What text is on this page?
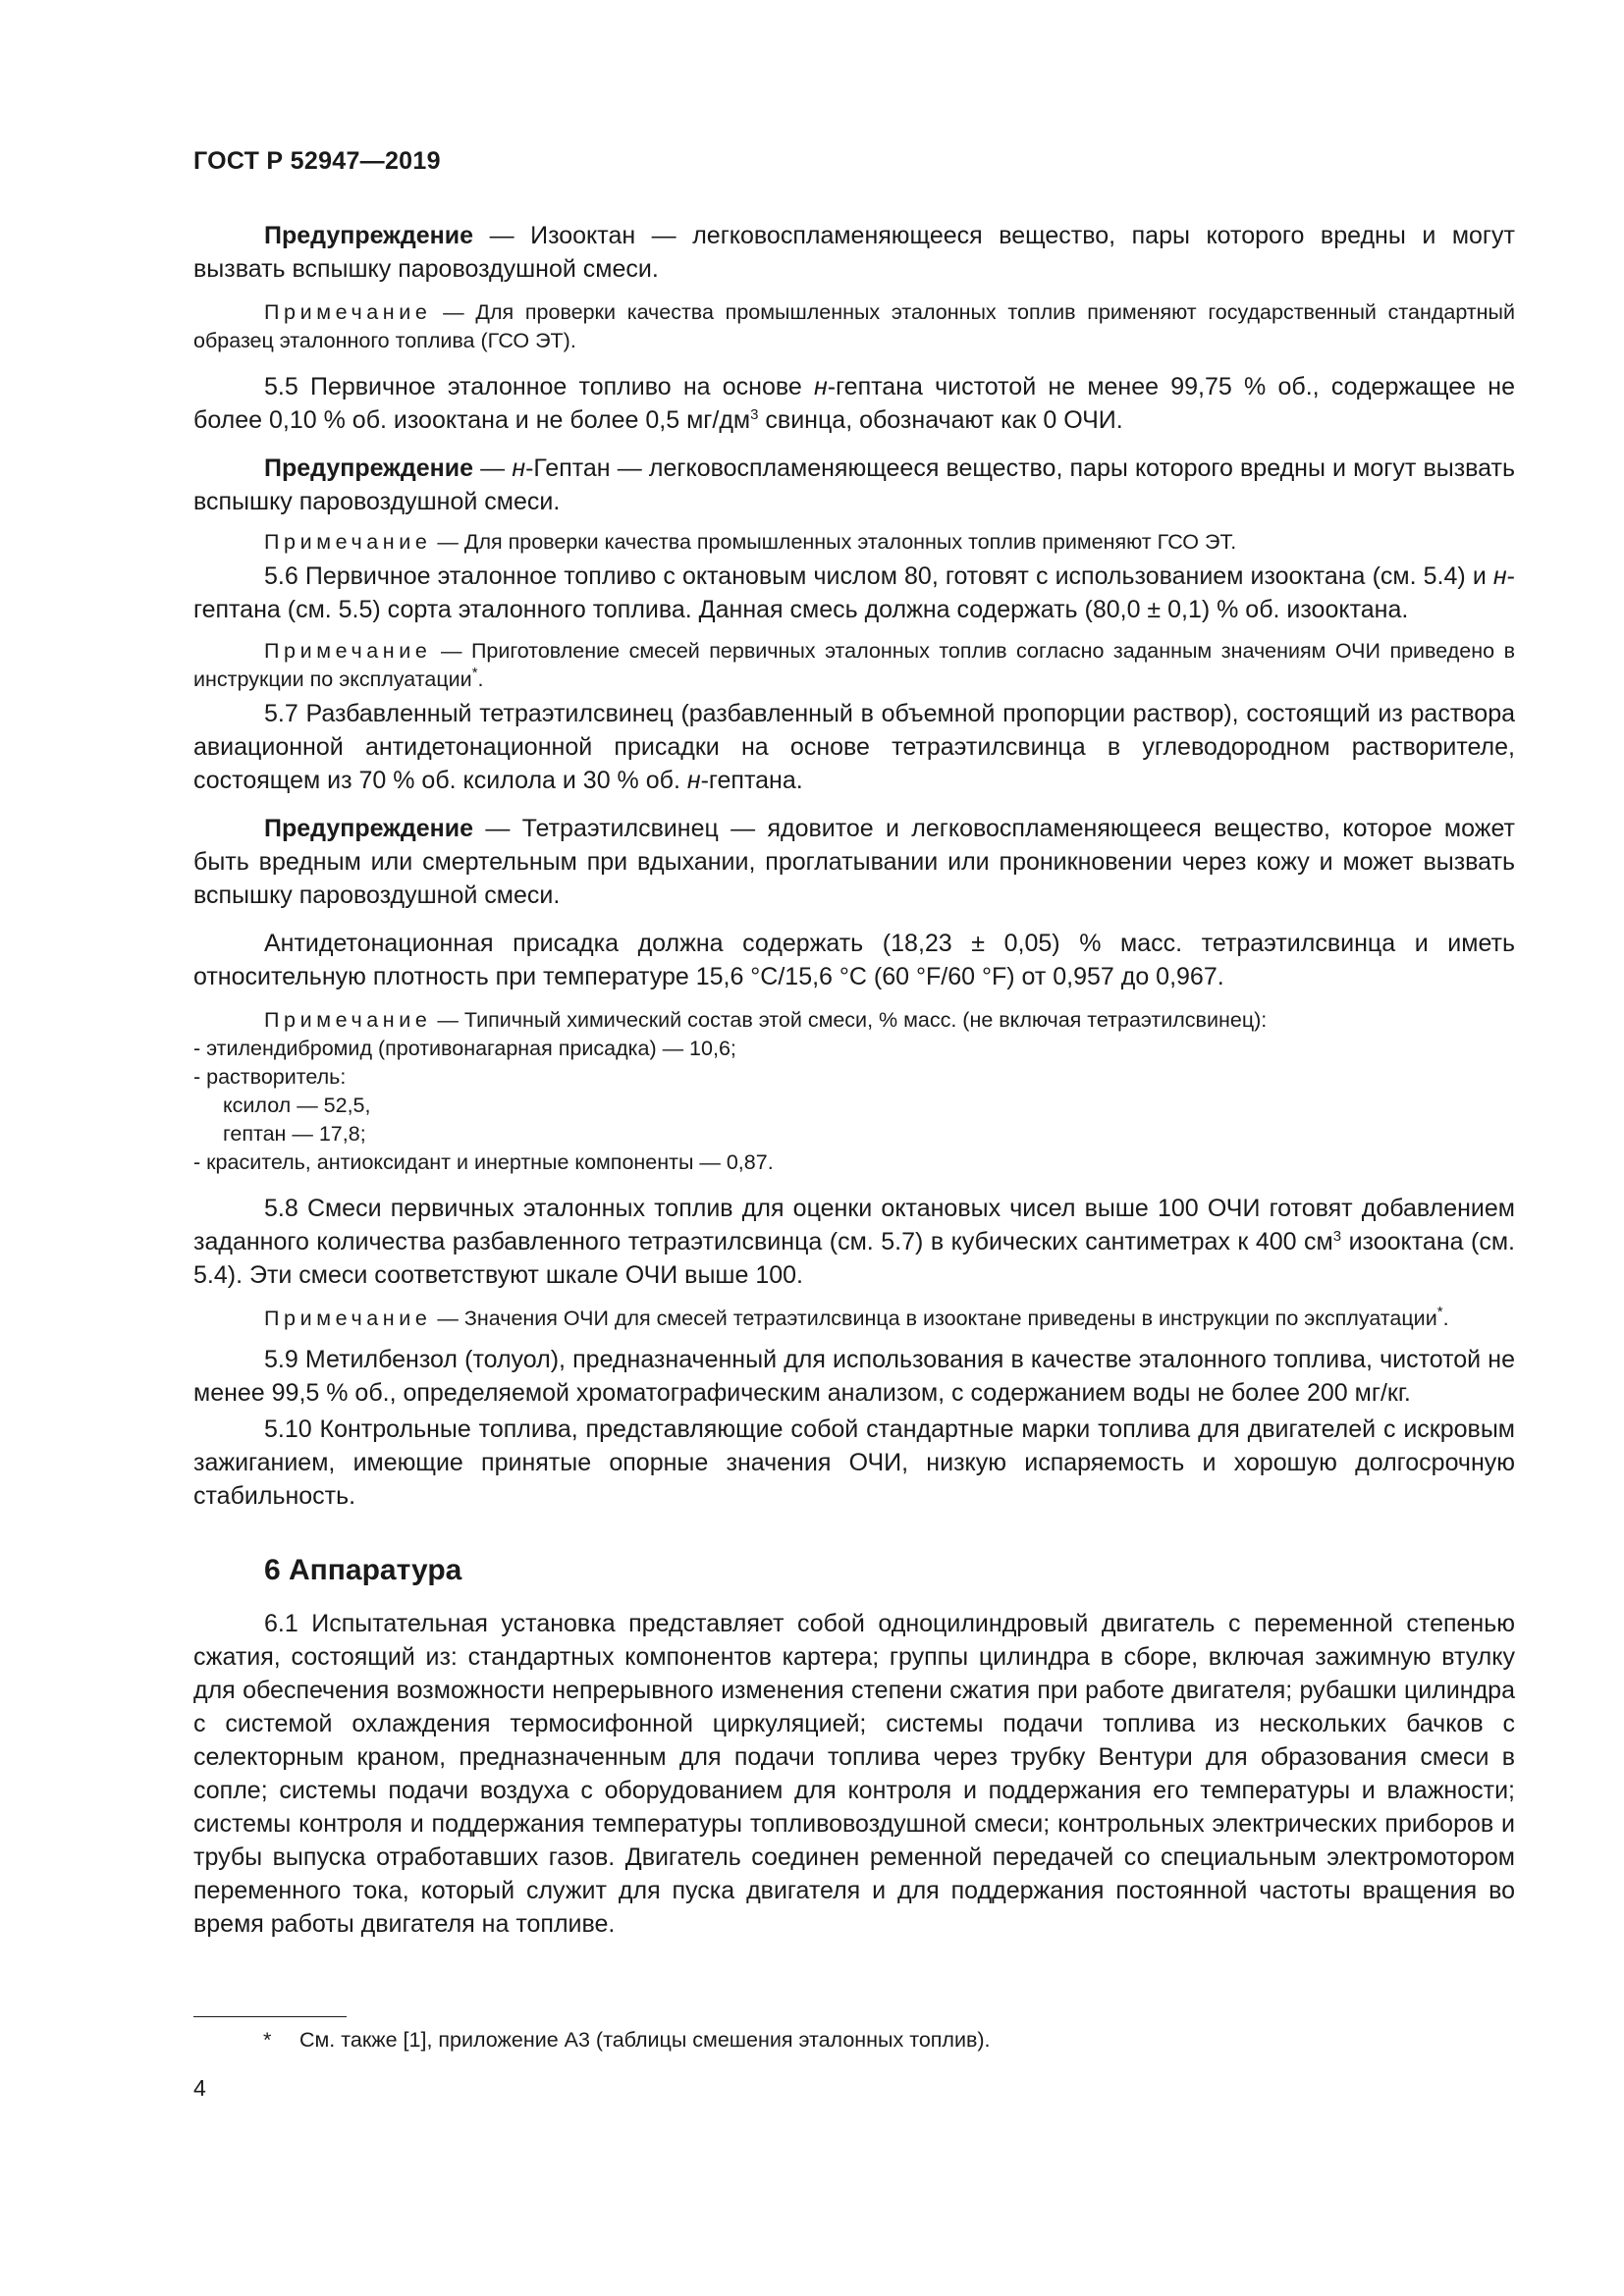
ГОСТ Р 52947—2019

Предупреждение — Изооктан — легковоспламеняющееся вещество, пары которого вредны и могут вызвать вспышку паровоздушной смеси.

Примечание — Для проверки качества промышленных эталонных топлив применяют государственный стандартный образец эталонного топлива (ГСО ЭТ).

5.5 Первичное эталонное топливо на основе н-гептана чистотой не менее 99,75 % об., содержащее не более 0,10 % об. изооктана и не более 0,5 $мг/дм^3$ свинца, обозначают как 0 ОЧИ.

Предупреждение — н-Гептан — легковоспламеняющееся вещество, пары которого вредны и могут вызвать вспышку паровоздушной смеси.

Примечание — Для проверки качества промышленных эталонных топлив применяют ГСО ЭТ.

5.6 Первичное эталонное топливо с октановым числом 80, готовят с использованием изооктана (см. 5.4) и н-гептана (см. 5.5) сорта эталонного топлива. Данная смесь должна содержать (80,0 ± 0,1) % об. изооктана.

Примечание — Приготовление смесей первичных эталонных топлив согласно заданным значениям ОЧИ приведено в инструкции по эксплуатации*.

5.7 Разбавленный тетраэтилсвинец (разбавленный в объемной пропорции раствор), состоящий из раствора авиационной антидетонационной присадки на основе тетраэтилсвинца в углеводородном растворителе, состоящем из 70 % об. ксилола и 30 % об. н-гептана.

Предупреждение — Тетраэтилсвинец — ядовитое и легковоспламеняющееся вещество, которое может быть вредным или смертельным при вдыхании, проглатывании или проникновении через кожу и может вызвать вспышку паровоздушной смеси.

Антидетонационная присадка должна содержать (18,23 ± 0,05) % масс. тетраэтилсвинца и иметь относительную плотность при температуре 15,6 °С/15,6 °С (60 °F/60 °F) от 0,957 до 0,967.

Примечание — Типичный химический состав этой смеси, % масс. (не включая тетраэтилсвинец):

- этилендибромид (противонагарная присадка) — 10,6;
- растворитель:
ксилол — 52,5,
гептан — 17,8;
- краситель, антиоксидант и инертные компоненты — 0,87.

5.8 Смеси первичных эталонных топлив для оценки октановых чисел выше 100 ОЧИ готовят добавлением заданного количества разбавленного тетраэтилсвинца (см. 5.7) в кубических сантиметрах к 400 $см^3$ изооктана (см. 5.4). Эти смеси соответствуют шкале ОЧИ выше 100.

Примечание — Значения ОЧИ для смесей тетраэтилсвинца в изооктане приведены в инструкции по эксплуатации*.

5.9 Метилбензол (толуол), предназначенный для использования в качестве эталонного топлива, чистотой не менее 99,5 % об., определяемой хроматографическим анализом, с содержанием воды не более 200 мг/кг.

5.10 Контрольные топлива, представляющие собой стандартные марки топлива для двигателей с искровым зажиганием, имеющие принятые опорные значения ОЧИ, низкую испаряемость и хорошую долгосрочную стабильность.

6 Аппаратура

6.1 Испытательная установка представляет собой одноцилиндровый двигатель с переменной степенью сжатия, состоящий из: стандартных компонентов картера; группы цилиндра в сборе, включая зажимную втулку для обеспечения возможности непрерывного изменения степени сжатия при работе двигателя; рубашки цилиндра с системой охлаждения термосифонной циркуляцией; системы подачи топлива из нескольких бачков с селекторным краном, предназначенным для подачи топлива через трубку Вентури для образования смеси в сопле; системы подачи воздуха с оборудованием для контроля и поддержания его температуры и влажности; системы контроля и поддержания температуры топливовоздушной смеси; контрольных электрических приборов и трубы выпуска отработавших газов. Двигатель соединен ременной передачей со специальным электромотором переменного тока, который служит для пуска двигателя и для поддержания постоянной частоты вращения во время работы двигателя на топливе.

* См. также [1], приложение А3 (таблицы смешения эталонных топлив).
4
